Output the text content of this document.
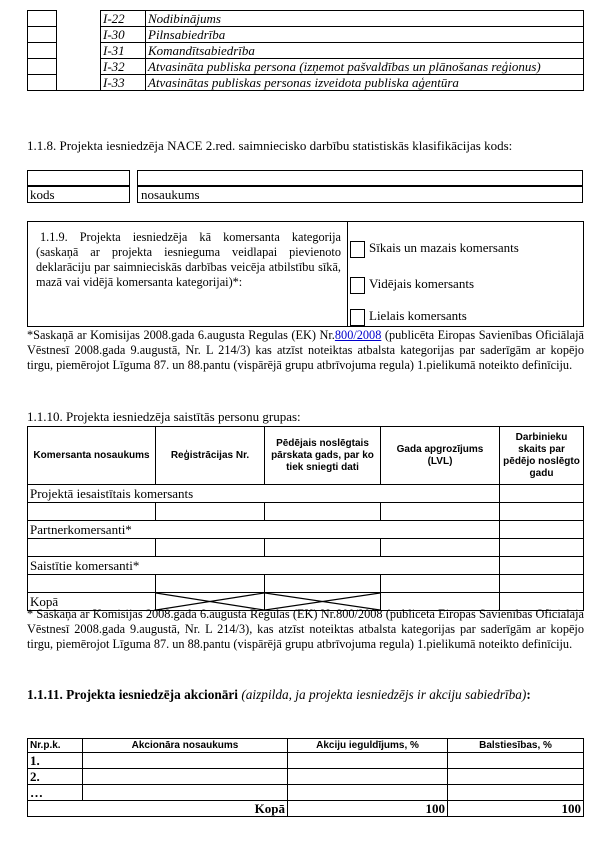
		I-22	Nodibinājums
		I-30	Pilnsabiedrība
		I-31	Komandītsabiedrība
		I-32	Atvasināta publiska persona (izņemot pašvaldības un plānošanas reģionus)
		I-33	Atvasinātas publiskas personas izveidota publiska aģentūra
1.1.8. Projekta iesniedzēja NACE 2.red. saimniecisko darbību statistiskās klasifikācijas kods:
kods	nosaukums
1.1.9. Projekta iesniedzēja kā komersanta kategorija (saskaņā ar projekta iesnieguma veidlapai pievienoto deklarāciju par saimnieciskās darbības veicēja atbilstību sīkā, mazā vai vidējā komersanta kategorijai)*:
Sīkais un mazais komersants
Vidējais komersants
Lielais komersants
*Saskaņā ar Komisijas 2008.gada 6.augusta Regulas (EK) Nr.800/2008 (publicēta Eiropas Savienības Oficiālajā Vēstnesī 2008.gada 9.augustā, Nr. L 214/3) kas atzīst noteiktas atbalsta kategorijas par saderīgām ar kopējo tirgu, piemērojot Līguma 87. un 88.pantu (vispārējā grupu atbrīvojuma regula) 1.pielikumā noteikto definīciju.
1.1.10. Projekta iesniedzēja saistītās personu grupas:
Komersanta nosaukums	Reģistrācijas Nr.	Pēdējais noslēgtais pārskata gads, par ko tiek sniegti dati	Gada apgrozījums (LVL)	Darbinieku skaits par pēdējo noslēgto gadu
Projektā iesaistītais komersants				

Partnerkomersanti*				

Saistītie komersanti*				

Kopā	

* Saskaņā ar Komisijas 2008.gada 6.augusta Regulas (EK) Nr.800/2008 (publicēta Eiropas Savienības Oficiālajā Vēstnesī 2008.gada 9.augustā, Nr. L 214/3), kas atzīst noteiktas atbalsta kategorijas par saderīgām ar kopējo tirgu, piemērojot Līguma 87. un 88.pantu (vispārējā grupu atbrīvojuma regula) 1.pielikumā noteikto definīciju.
1.1.11. Projekta iesniedzēja akcionāri (aizpilda, ja projekta iesniedzējs ir akciju sabiedrība):
Nr.p.k.	Akcionāra nosaukums	Akciju ieguldījums, %	Balstiesības, %
1.			
2.			
…			
	Kopā	100	100
